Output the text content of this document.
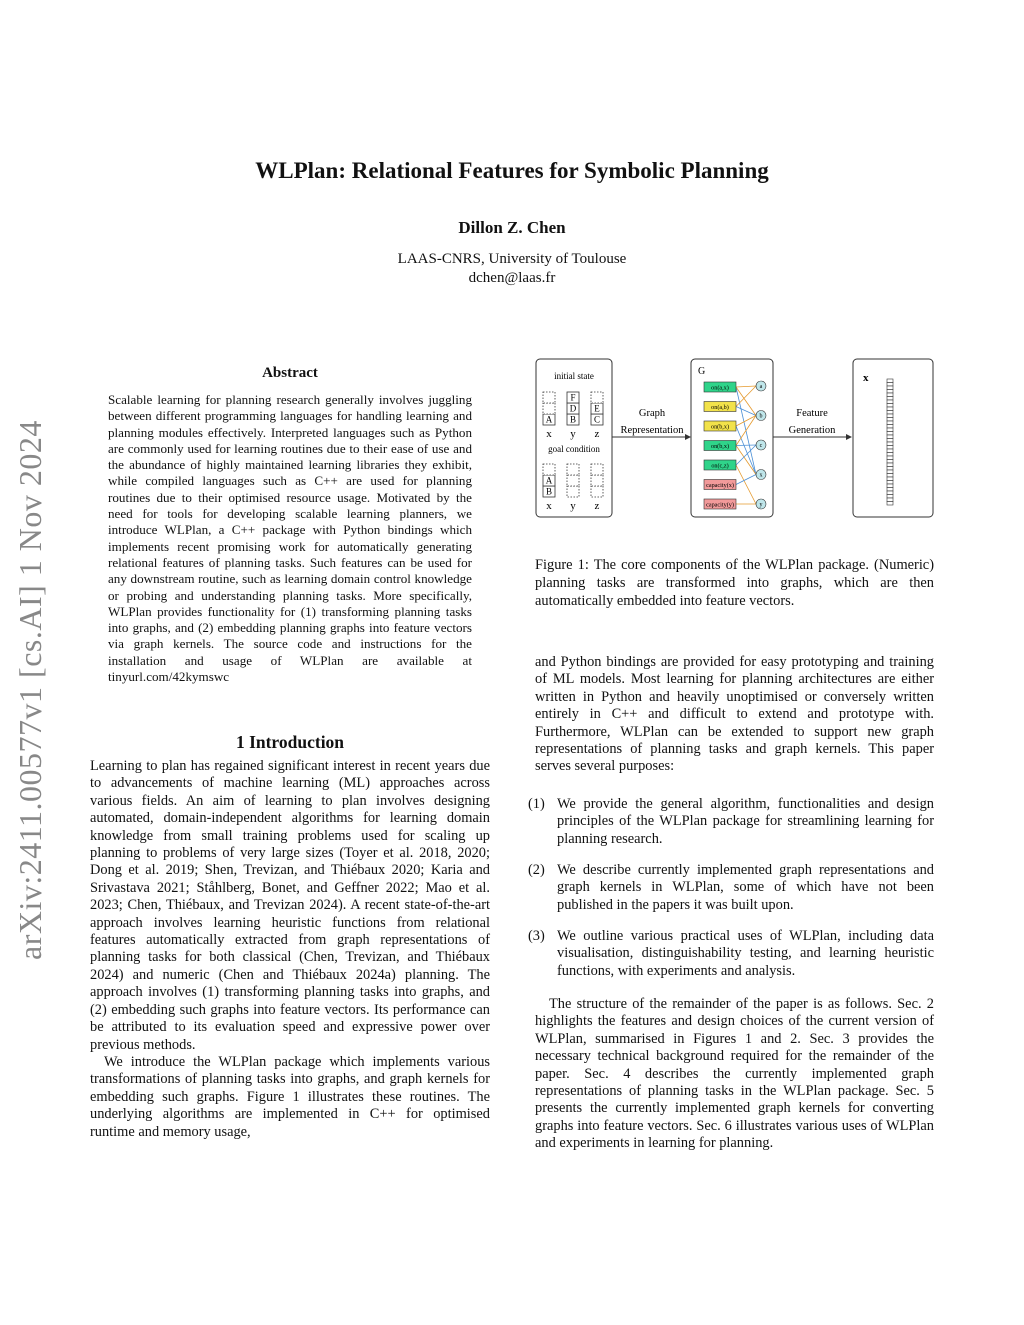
WLPlan: Relational Features for Symbolic Planning
Dillon Z. Chen
LAAS-CNRS, University of Toulouse
dchen@laas.fr
arXiv:2411.00577v1 [cs.AI] 1 Nov 2024
Abstract
Scalable learning for planning research generally involves juggling between different programming languages for handling learning and planning modules effectively. Interpreted languages such as Python are commonly used for learning routines due to their ease of use and the abundance of highly maintained learning libraries they exhibit, while compiled languages such as C++ are used for planning routines due to their optimised resource usage. Motivated by the need for tools for developing scalable learning planners, we introduce WLPlan, a C++ package with Python bindings which implements recent promising work for automatically generating relational features of planning tasks. Such features can be used for any downstream routine, such as learning domain control knowledge or probing and understanding planning tasks. More specifically, WLPlan provides functionality for (1) transforming planning tasks into graphs, and (2) embedding planning graphs into feature vectors via graph kernels. The source code and instructions for the installation and usage of WLPlan are available at tinyurl.com/42kymswc
1 Introduction

Learning to plan has regained significant interest in recent years due to advancements of machine learning (ML) approaches across various fields. An aim of learning to plan involves designing automated, domain-independent algorithms for learning domain knowledge from small training problems used for scaling up planning to problems of very large sizes (Toyer et al. 2018, 2020; Dong et al. 2019; Shen, Trevizan, and Thiébaux 2020; Karia and Srivastava 2021; Ståhlberg, Bonet, and Geffner 2022; Mao et al. 2023; Chen, Thiébaux, and Trevizan 2024). A recent state-of-the-art approach involves learning heuristic functions from relational features automatically extracted from graph representations of planning tasks for both classical (Chen, Trevizan, and Thiébaux 2024) and numeric (Chen and Thiébaux 2024a) planning. The approach involves (1) transforming planning tasks into graphs, and (2) embedding such graphs into feature vectors. Its performance can be attributed to its evaluation speed and expressive power over previous methods.

We introduce the WLPlan package which implements various transformations of planning tasks into graphs, and graph kernels for embedding such graphs. Figure 1 illustrates these routines. The underlying algorithms are implemented in C++ for optimised runtime and memory usage,

initial state
A B
D
F
C
E
x y z
goal condition
B
A
x y z
Graph
Representation
G
on(a,x)
on(a,b)
on(b,x)
on(b,x)
on(c,z)
capacity(x)
capacity(y)
a
b
c
x
y
Feature
Generation
x
Figure 1: The core components of the WLPlan package. (Numeric) planning tasks are transformed into graphs, which are then automatically embedded into feature vectors.
and Python bindings are provided for easy prototyping and training of ML models. Most learning for planning architectures are either written in Python and heavily unoptimised or conversely written entirely in C++ and difficult to extend and prototype with. Furthermore, WLPlan can be extended to support new graph representations of planning tasks and graph kernels. This paper serves several purposes:
(1) We provide the general algorithm, functionalities and design principles of the WLPlan package for streamlining learning for planning research.
(2) We describe currently implemented graph representations and graph kernels in WLPlan, some of which have not been published in the papers it was built upon.
(3) We outline various practical uses of WLPlan, including data visualisation, distinguishability testing, and learning heuristic functions, with experiments and analysis.

The structure of the remainder of the paper is as follows. Sec. 2 highlights the features and design choices of the current version of WLPlan, summarised in Figures 1 and 2. Sec. 3 provides the necessary technical background required for the remainder of the paper. Sec. 4 describes the currently implemented graph representations of planning tasks in the WLPlan package. Sec. 5 presents the currently implemented graph kernels for converting graphs into feature vectors. Sec. 6 illustrates various uses of WLPlan and experiments in learning for planning.
